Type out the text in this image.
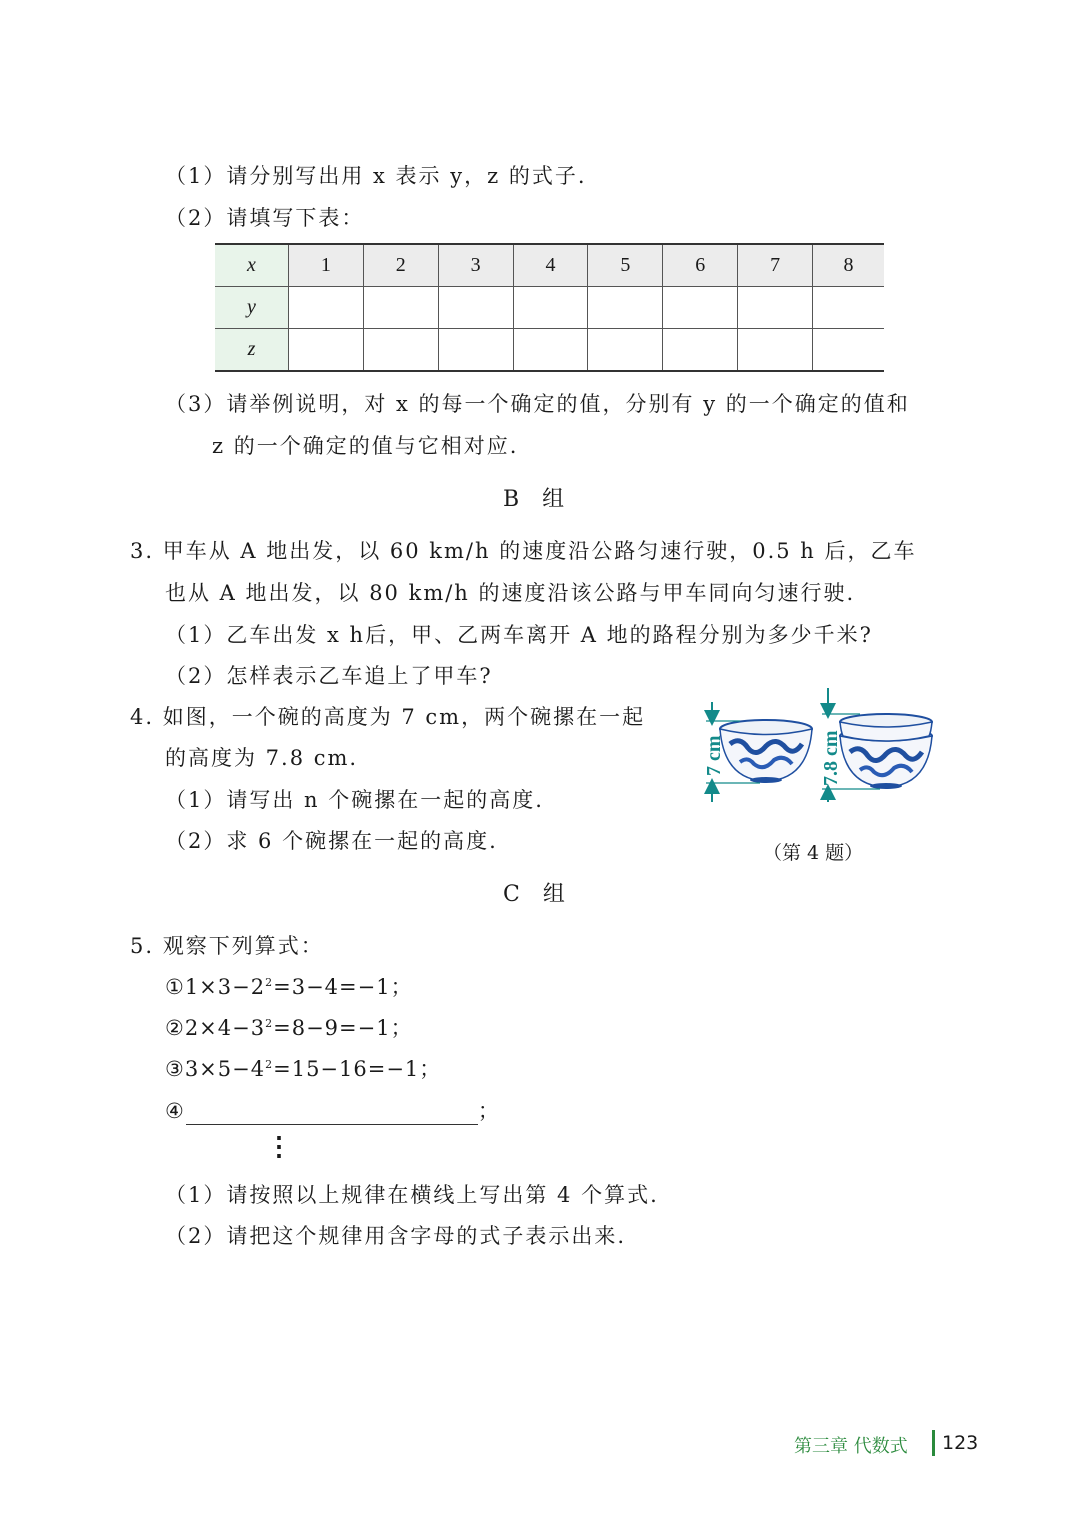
（1）请分别写出用 x 表示 y，z 的式子.
（2）请填写下表：
x	1	2	3	4	5	6	7	8
y								
z								
（3）请举例说明，对 x 的每一个确定的值，分别有 y 的一个确定的值和
z 的一个确定的值与它相对应.
B 组
3. 甲车从 A 地出发，以 60 km/h 的速度沿公路匀速行驶，0.5 h 后，乙车
也从 A 地出发，以 80 km/h 的速度沿该公路与甲车同向匀速行驶.
（1）乙车出发 x h后，甲、乙两车离开 A 地的路程分别为多少千米?
（2）怎样表示乙车追上了甲车?
4. 如图，一个碗的高度为 7 cm，两个碗摞在一起
的高度为 7.8 cm.
（1）请写出 n 个碗摞在一起的高度.
（2）求 6 个碗摞在一起的高度.
7 cm	7.8 cm
（第 4 题）
C 组
5. 观察下列算式：
$①1\times 3-2^2=3-4=-1$；
$②2\times 4-3^2=8-9=-1$；
$③3\times 5-4^2=15-16=-1$；
④	；
⋮
（1）请按照以上规律在横线上写出第 4 个算式.
（2）请把这个规律用含字母的式子表示出来.
第三章 代数式 123
